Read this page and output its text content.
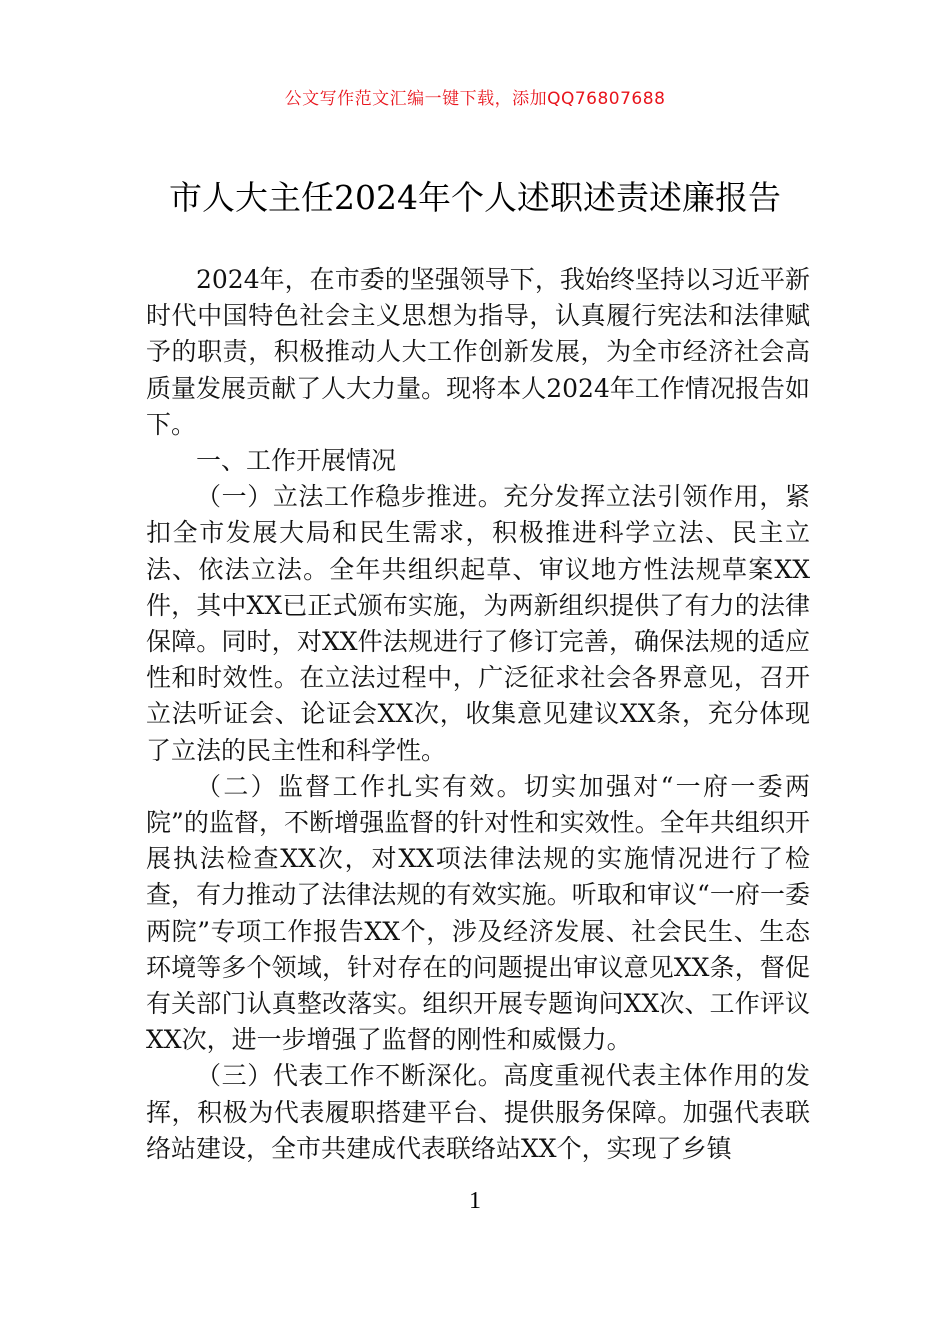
公文写作范文汇编一键下载，添加QQ76807688
市人大主任2024年个人述职述责述廉报告

2024年，在市委的坚强领导下，我始终坚持以习近平新时代中国特色社会主义思想为指导，认真履行宪法和法律赋予的职责，积极推动人大工作创新发展，为全市经济社会高质量发展贡献了人大力量。现将本人2024年工作情况报告如下。

一、工作开展情况

（一）立法工作稳步推进。充分发挥立法引领作用，紧扣全市发展大局和民生需求，积极推进科学立法、民主立法、依法立法。全年共组织起草、审议地方性法规草案XX件，其中XX已正式颁布实施，为两新组织提供了有力的法律保障。同时，对XX件法规进行了修订完善，确保法规的适应性和时效性。在立法过程中，广泛征求社会各界意见，召开立法听证会、论证会XX次，收集意见建议XX条，充分体现了立法的民主性和科学性。

（二）监督工作扎实有效。切实加强对“一府一委两院”的监督，不断增强监督的针对性和实效性。全年共组织开展执法检查XX次，对XX项法律法规的实施情况进行了检查，有力推动了法律法规的有效实施。听取和审议“一府一委两院”专项工作报告XX个，涉及经济发展、社会民生、生态环境等多个领域，针对存在的问题提出审议意见XX条，督促有关部门认真整改落实。组织开展专题询问XX次、工作评议XX次，进一步增强了监督的刚性和威慑力。

（三）代表工作不断深化。高度重视代表主体作用的发挥，积极为代表履职搭建平台、提供服务保障。加强代表联络站建设，全市共建成代表联络站XX个，实现了乡镇

1
